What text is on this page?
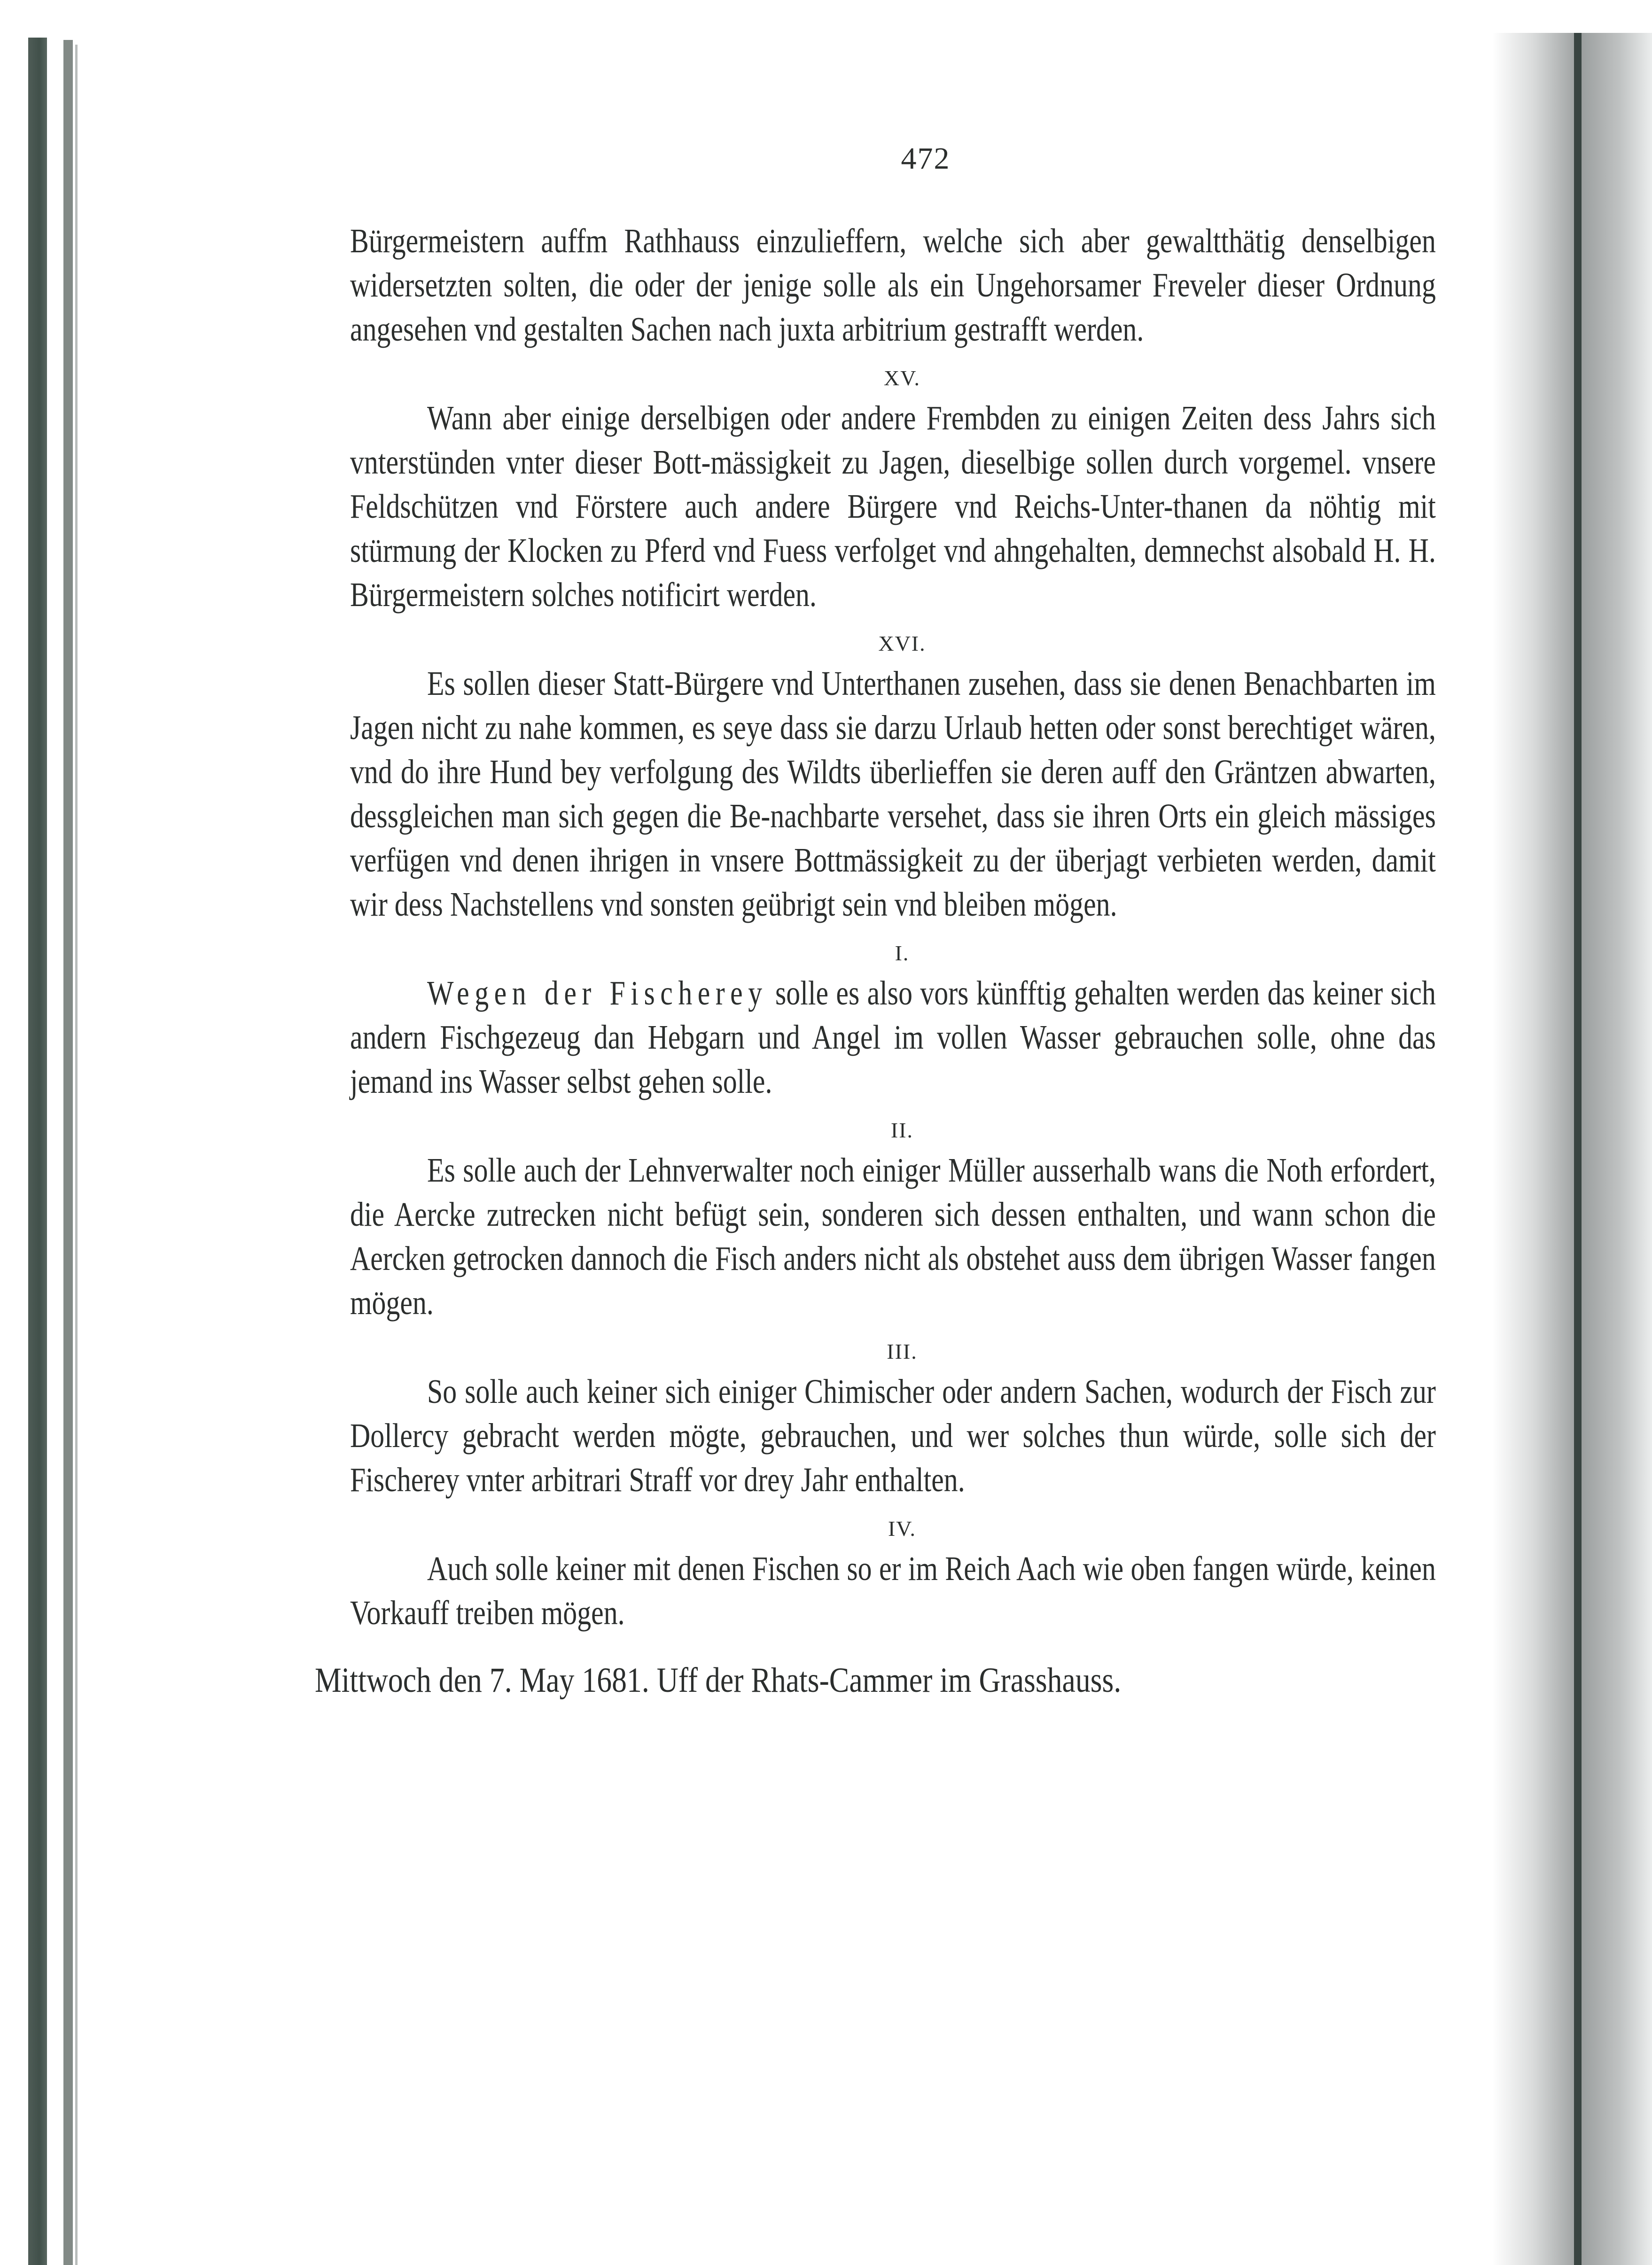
472

Bürgermeistern auffm Rathhauss einzulieffern, welche sich aber gewaltthätig denselbigen widersetzten solten, die oder der jenige solle als ein Ungehorsamer Freveler dieser Ordnung angesehen vnd gestalten Sachen nach juxta arbitrium gestrafft werden.

XV.

Wann aber einige derselbigen oder andere Frembden zu einigen Zeiten dess Jahrs sich vnterstünden vnter dieser Bott-mässigkeit zu Jagen, dieselbige sollen durch vorgemel. vnsere Feldschützen vnd Förstere auch andere Bürgere vnd Reichs-Unter-thanen da nöhtig mit stürmung der Klocken zu Pferd vnd Fuess verfolget vnd ahngehalten, demnechst alsobald H. H. Bürgermeistern solches notificirt werden.

XVI.

Es sollen dieser Statt-Bürgere vnd Unterthanen zusehen, dass sie denen Benachbarten im Jagen nicht zu nahe kommen, es seye dass sie darzu Urlaub hetten oder sonst berechtiget wären, vnd do ihre Hund bey verfolgung des Wildts überlieffen sie deren auff den Gräntzen abwarten, dessgleichen man sich gegen die Be-nachbarte versehet, dass sie ihren Orts ein gleich mässiges verfügen vnd denen ihrigen in vnsere Bottmässigkeit zu der überjagt verbieten werden, damit wir dess Nachstellens vnd sonsten geübrigt sein vnd bleiben mögen.

I.

Wegen der Fischerey solle es also vors künfftig gehalten werden das keiner sich andern Fischgezeug dan Hebgarn und Angel im vollen Wasser gebrauchen solle, ohne das jemand ins Wasser selbst gehen solle.

II.

Es solle auch der Lehnverwalter noch einiger Müller ausserhalb wans die Noth erfordert, die Aercke zutrecken nicht befügt sein, sonderen sich dessen enthalten, und wann schon die Aercken getrocken dannoch die Fisch anders nicht als obstehet auss dem übrigen Wasser fangen mögen.

III.

So solle auch keiner sich einiger Chimischer oder andern Sachen, wodurch der Fisch zur Dollercy gebracht werden mögte, gebrauchen, und wer solches thun würde, solle sich der Fischerey vnter arbitrari Straff vor drey Jahr enthalten.

IV.

Auch solle keiner mit denen Fischen so er im Reich Aach wie oben fangen würde, keinen Vorkauff treiben mögen.

Mittwoch den 7. May 1681. Uff der Rhats-Cammer im Grasshauss.
